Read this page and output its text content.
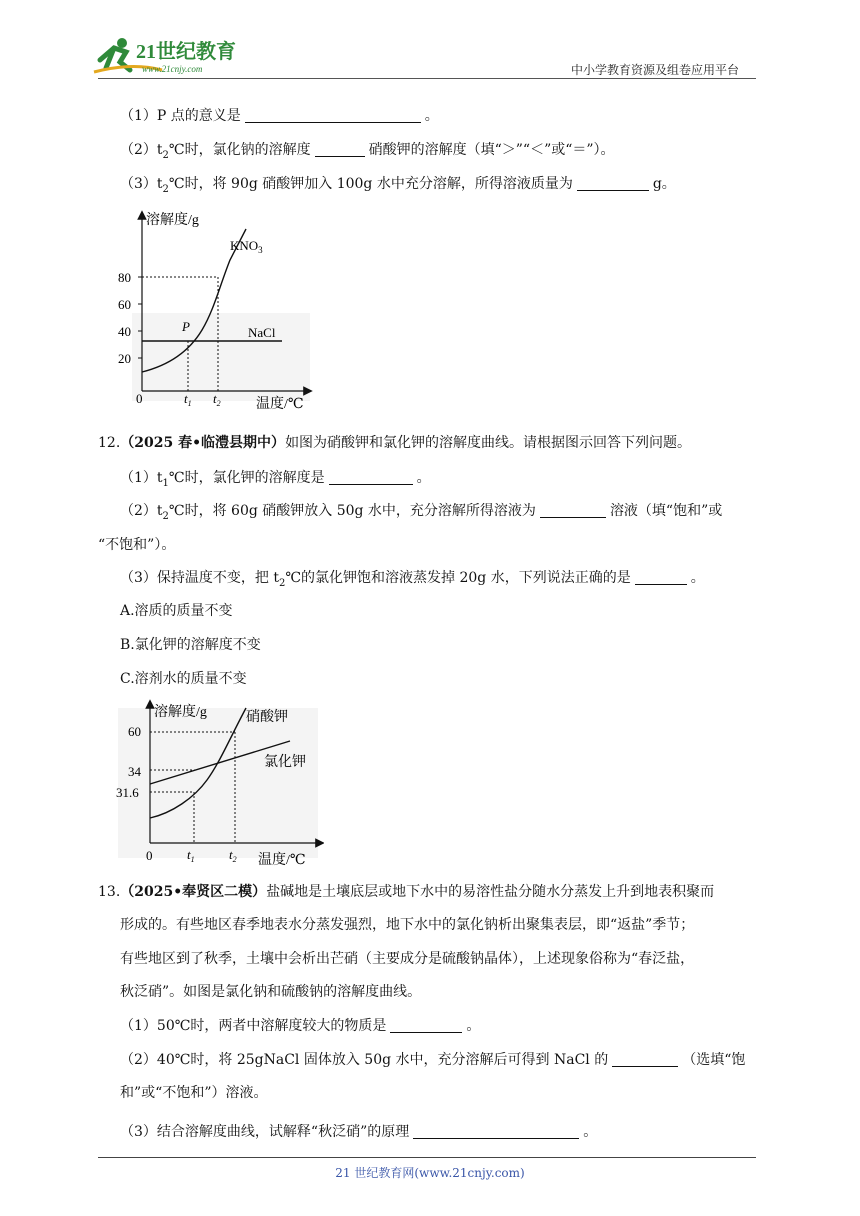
21世纪教育
www.21cnjy.com	中小学教育资源及组卷应用平台
（1）P 点的意义是	。
$(2)t_2℃$时，氯化钠的溶解度	硝酸钾的溶解度（填“＞”“＜”或“＝”）。
$(3)t_2℃$时，将 90g 硝酸钾加入 100g 水中充分溶解，所得溶液质量为	g。
溶解度/g
温度/℃
0
80
60
40
20
P
$KNO_3$
NaCl
$t_1$ $t_2$
12.（2025 春•临澧县期中）如图为硝酸钾和氯化钾的溶解度曲线。请根据图示回答下列问题。
$(1)t_1℃$时，氯化钾的溶解度是	。
$(2)t_2℃$时，将 60g 硝酸钾放入 50g 水中，充分溶解所得溶液为	溶液（填“饱和”或
“不饱和”）。
（3）保持温度不变，把 $t_2℃$的氯化钾饱和溶液蒸发掉 20g 水，下列说法正确的是	。
A.溶质的质量不变
B.氯化钾的溶解度不变
C.溶剂水的质量不变
溶解度/g
温度/℃
0
60
34
31.6
硝酸钾
氯化钾
$t_1$	$t_2$
13.（2025•奉贤区二模）盐碱地是土壤底层或地下水中的易溶性盐分随水分蒸发上升到地表积聚而
形成的。有些地区春季地表水分蒸发强烈，地下水中的氯化钠析出聚集表层，即“返盐”季节；
有些地区到了秋季，土壤中会析出芒硝（主要成分是硫酸钠晶体），上述现象俗称为“春泛盐，
秋泛硝”。如图是氯化钠和硫酸钠的溶解度曲线。
（1）50℃时，两者中溶解度较大的物质是	。
（2）40℃时，将 25gNaCl 固体放入 50g 水中，充分溶解后可得到 NaCl 的	（选填“饱
和”或“不饱和”）溶液。
（3）结合溶解度曲线，试解释“秋泛硝”的原理	。
21 世纪教育网(www.21cnjy.com)
